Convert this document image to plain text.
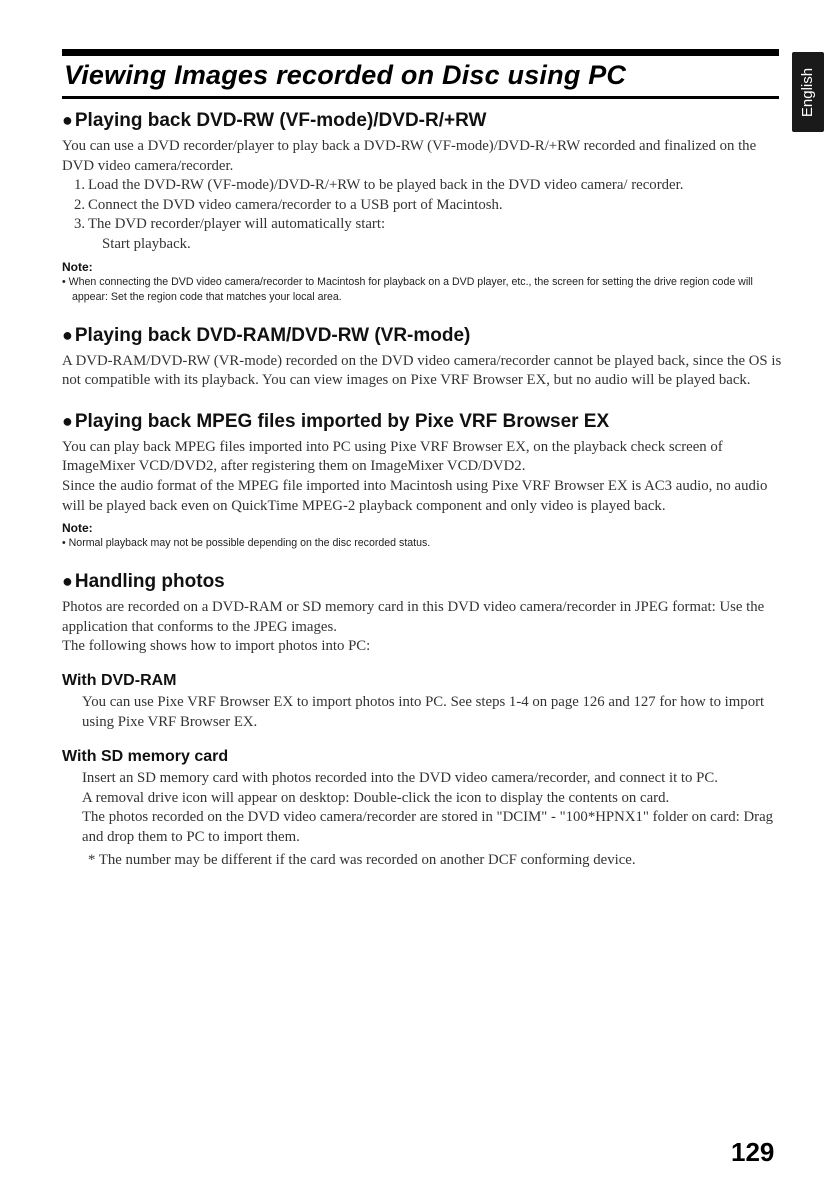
Viewing Images recorded on Disc using PC	English
● Playing back DVD-RW (VF-mode)/DVD-R/+RW

You can use a DVD recorder/player to play back a DVD-RW (VF-mode)/DVD-R/+RW recorded and finalized on the DVD video camera/recorder.

1. Load the DVD-RW (VF-mode)/DVD-R/+RW to be played back in the DVD video camera/ recorder.
2. Connect the DVD video camera/recorder to a USB port of Macintosh.
3. The DVD recorder/player will automatically start:

Start playback.

Note:

• When connecting the DVD video camera/recorder to Macintosh for playback on a DVD player, etc., the screen for setting the drive region code will appear: Set the region code that matches your local area.

● Playing back DVD-RAM/DVD-RW (VR-mode)

A DVD-RAM/DVD-RW (VR-mode) recorded on the DVD video camera/recorder cannot be played back, since the OS is not compatible with its playback. You can view images on Pixe VRF Browser EX, but no audio will be played back.

● Playing back MPEG files imported by Pixe VRF Browser EX

You can play back MPEG files imported into PC using Pixe VRF Browser EX, on the playback check screen of ImageMixer VCD/DVD2, after registering them on ImageMixer VCD/DVD2.

Since the audio format of the MPEG file imported into Macintosh using Pixe VRF Browser EX is AC3 audio, no audio will be played back even on QuickTime MPEG-2 playback component and only video is played back.

Note:

• Normal playback may not be possible depending on the disc recorded status.

● Handling photos

Photos are recorded on a DVD-RAM or SD memory card in this DVD video camera/recorder in JPEG format: Use the application that conforms to the JPEG images.

The following shows how to import photos into PC:

With DVD-RAM

You can use Pixe VRF Browser EX to import photos into PC. See steps 1-4 on page 126 and 127 for how to import using Pixe VRF Browser EX.

With SD memory card

Insert an SD memory card with photos recorded into the DVD video camera/recorder, and connect it to PC.

A removal drive icon will appear on desktop: Double-click the icon to display the contents on card.

The photos recorded on the DVD video camera/recorder are stored in "DCIM" - "100*HPNX1" folder on card: Drag and drop them to PC to import them.

* The number may be different if the card was recorded on another DCF conforming device.

129
